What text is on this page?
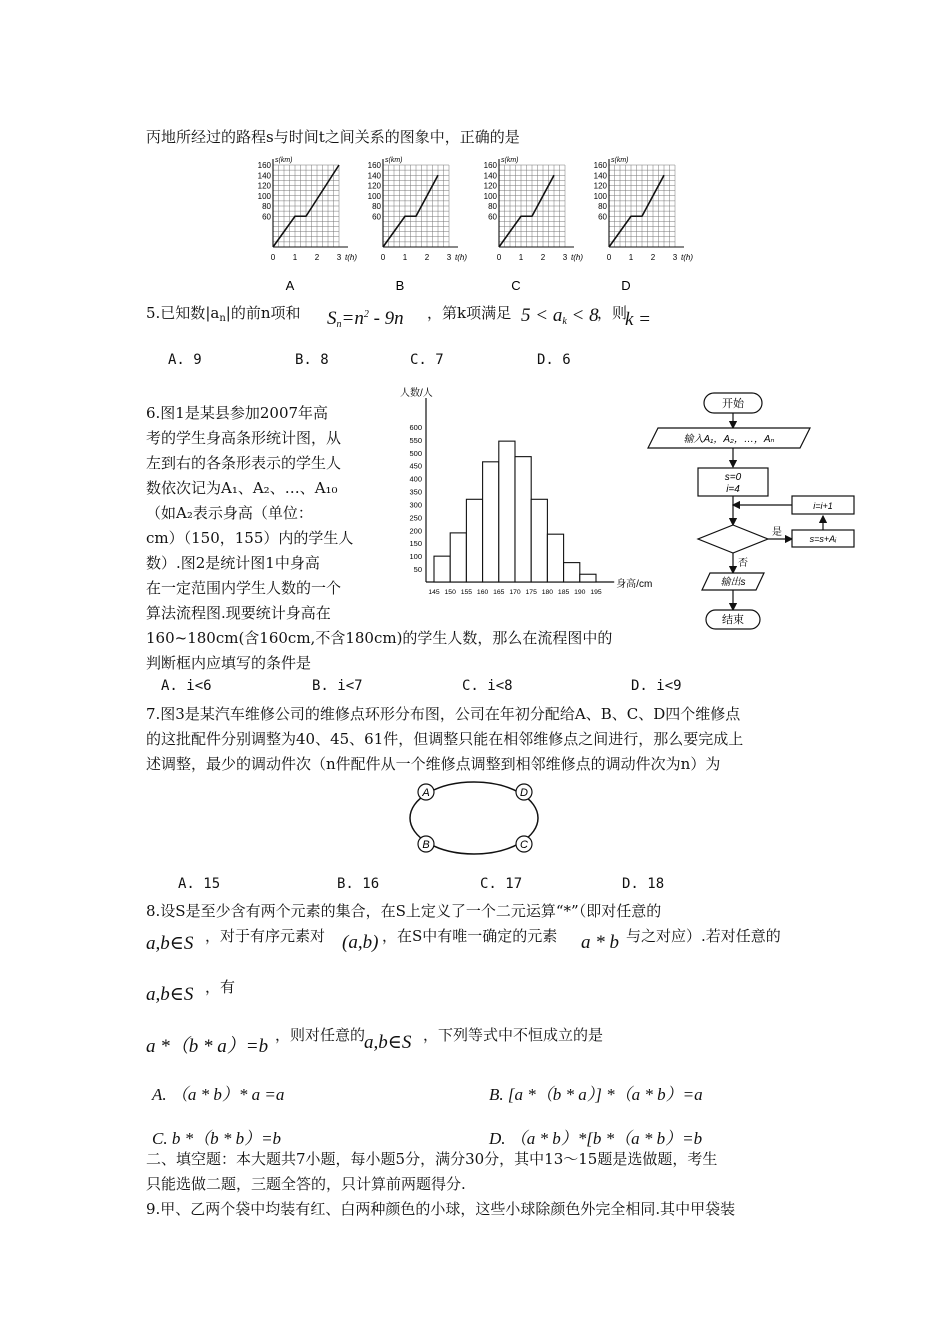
丙地所经过的路程s与时间t之间关系的图象中，正确的是
s(km)
160
140
120
100
80
60
0 1 2 3 t(h)
A
s(km)
160
140
120
100
80
60
0 1 2 3 t(h)
B
s(km)
160
140
120
100
80
60
0 1 2 3 t(h)
C
s(km)
160
140
120
100
80
60
0 1 2 3 t(h)
D
5.已知数$|a_n|$的前n项和 $S_n=n^2 - 9n$ ，第k项满足 $5 < a_k < 8$
，则
k =
A. 9	B. 8	C. 7	D. 6
6.图1是某县参加2007年高
考的学生身高条形统计图，从
左到右的各条形表示的学生人
数依次记为A₁、A₂、…、A₁₀
（如A₂表示身高（单位：
cm）（150，155）内的学生人
数）.图2是统计图1中身高
在一定范围内学生人数的一个
算法流程图.现要统计身高在
160~180cm(含160cm,不含180cm)的学生人数，那么在流程图中的
判断框内应填写的条件是
人数/人
600
550
500
450
400
350
300
250
200
150
100
50
145 150 155 160 165 170 175 180 185 190 195
身高/cm
开始
输入A₁，A₂，…，Aₙ
s=0
i=4
是
s=s+Aᵢ
i=i+1
否
输出s
结束
A. i<6	B. i<7	C. i<8	D. i<9
7.图3是某汽车维修公司的维修点环形分布图，公司在年初分配给A、B、C、D四个维修点
的这批配件分别调整为40、45、61件，但调整只能在相邻维修点之间进行，那么要完成上
述调整，最少的调动件次（n件配件从一个维修点调整到相邻维修点的调动件次为n）为
A	D
B	C
A. 15	B. 16	C. 17	D. 18
8.设S是至少含有两个元素的集合，在S上定义了一个二元运算“*”（即对任意的
a,b∈S ，对于有序元素对 (a,b) ，在S中有唯一确定的元素 a * b 与之对应）.若对任意的
a,b∈S ，有
a *（b * a）=b
，则对任意的
a,b∈S ，下列等式中不恒成立的是
A. （a * b）* a =a	B. [a *（b * a）] *（a * b）=a
C. b *（b * b）=b	D. （a * b）*[b *（a * b）=b
二、填空题：本大题共7小题，每小题5分，满分30分，其中13～15题是选做题，考生
只能选做二题，三题全答的，只计算前两题得分.
9.甲、乙两个袋中均装有红、白两种颜色的小球，这些小球除颜色外完全相同.其中甲袋装
